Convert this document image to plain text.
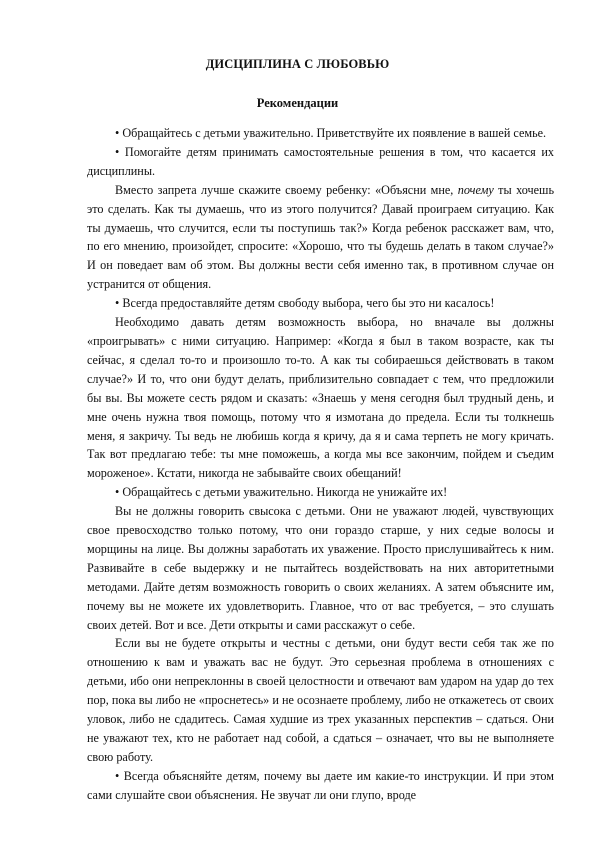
ДИСЦИПЛИНА С ЛЮБОВЬЮ
Рекомендации

• Обращайтесь с детьми уважительно. Приветствуйте их появление в вашей семье.

• Помогайте детям принимать самостоятельные решения в том, что касается их дисциплины.

Вместо запрета лучше скажите своему ребенку: «Объясни мне, почему ты хочешь это сделать. Как ты думаешь, что из этого получится? Давай проиграем ситуацию. Как ты думаешь, что случится, если ты поступишь так?» Когда ребенок расскажет вам, что, по его мнению, произойдет, спросите: «Хорошо, что ты будешь делать в таком случае?» И он поведает вам об этом. Вы должны вести себя именно так, в противном случае он устранится от общения.

• Всегда предоставляйте детям свободу выбора, чего бы это ни касалось!

Необходимо давать детям возможность выбора, но вначале вы должны «проигрывать» с ними ситуацию. Например: «Когда я был в таком возрасте, как ты сейчас, я сделал то-то и произошло то-то. А как ты собираешься действовать в таком случае?» И то, что они будут делать, приблизительно совпадает с тем, что предложили бы вы. Вы можете сесть рядом и сказать: «Знаешь у меня сегодня был трудный день, и мне очень нужна твоя помощь, потому что я измотана до предела. Если ты толкнешь меня, я закричу. Ты ведь не любишь когда я кричу, да я и сама терпеть не могу кричать. Так вот предлагаю тебе: ты мне поможешь, а когда мы все закончим, пойдем и съедим мороженое». Кстати, никогда не забывайте своих обещаний!

• Обращайтесь с детьми уважительно. Никогда не унижайте их!

Вы не должны говорить свысока с детьми. Они не уважают людей, чувствующих свое превосходство только потому, что они гораздо старше, у них седые волосы и морщины на лице. Вы должны заработать их уважение. Просто прислушивайтесь к ним. Развивайте в себе выдержку и не пытайтесь воздействовать на них авторитетными методами. Дайте детям возможность говорить о своих желаниях. А затем объясните им, почему вы не можете их удовлетворить. Главное, что от вас требуется, – это слушать своих детей. Вот и все. Дети открыты и сами расскажут о себе.

Если вы не будете открыты и честны с детьми, они будут вести себя так же по отношению к вам и уважать вас не будут. Это серьезная проблема в отношениях с детьми, ибо они непреклонны в своей целостности и отвечают вам ударом на удар до тех пор, пока вы либо не «проснетесь» и не осознаете проблему, либо не откажетесь от своих уловок, либо не сдадитесь. Самая худшие из трех указанных перспектив – сдаться. Они не уважают тех, кто не работает над собой, а сдаться – означает, что вы не выполняете свою работу.

• Всегда объясняйте детям, почему вы даете им какие-то инструкции. И при этом сами слушайте свои объяснения. Не звучат ли они глупо, вроде
